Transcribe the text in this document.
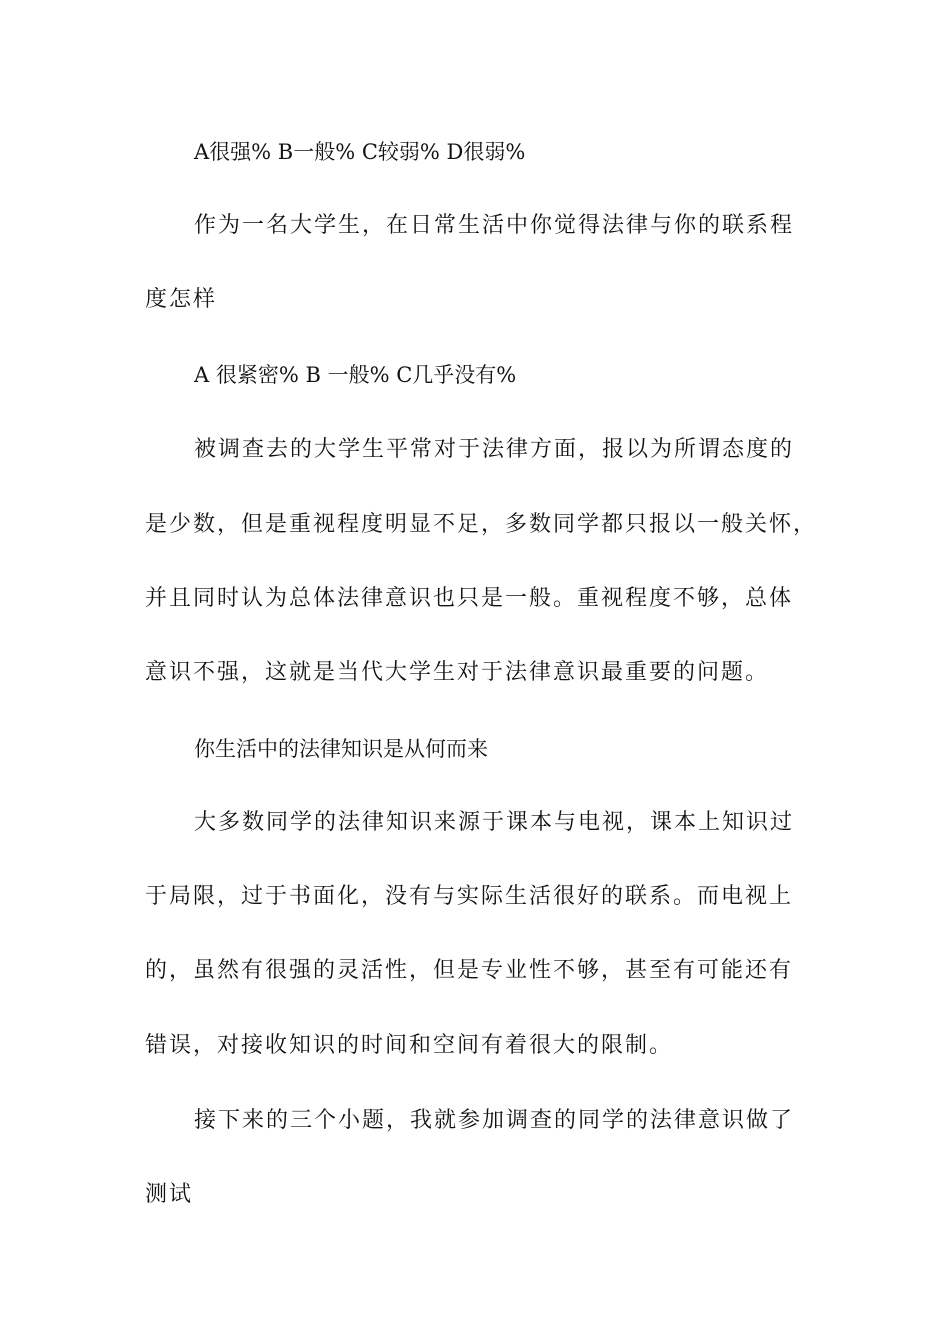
A很强% B一般% C较弱% D很弱%
作为一名大学生，在日常生活中你觉得法律与你的联系程
度怎样
A 很紧密% B 一般% C几乎没有%
被调查去的大学生平常对于法律方面，报以为所谓态度的
是少数，但是重视程度明显不足，多数同学都只报以一般关怀，
并且同时认为总体法律意识也只是一般。重视程度不够，总体
意识不强，这就是当代大学生对于法律意识最重要的问题。
你生活中的法律知识是从何而来
大多数同学的法律知识来源于课本与电视，课本上知识过
于局限，过于书面化，没有与实际生活很好的联系。而电视上
的，虽然有很强的灵活性，但是专业性不够，甚至有可能还有
错误，对接收知识的时间和空间有着很大的限制。
接下来的三个小题，我就参加调查的同学的法律意识做了
测试
